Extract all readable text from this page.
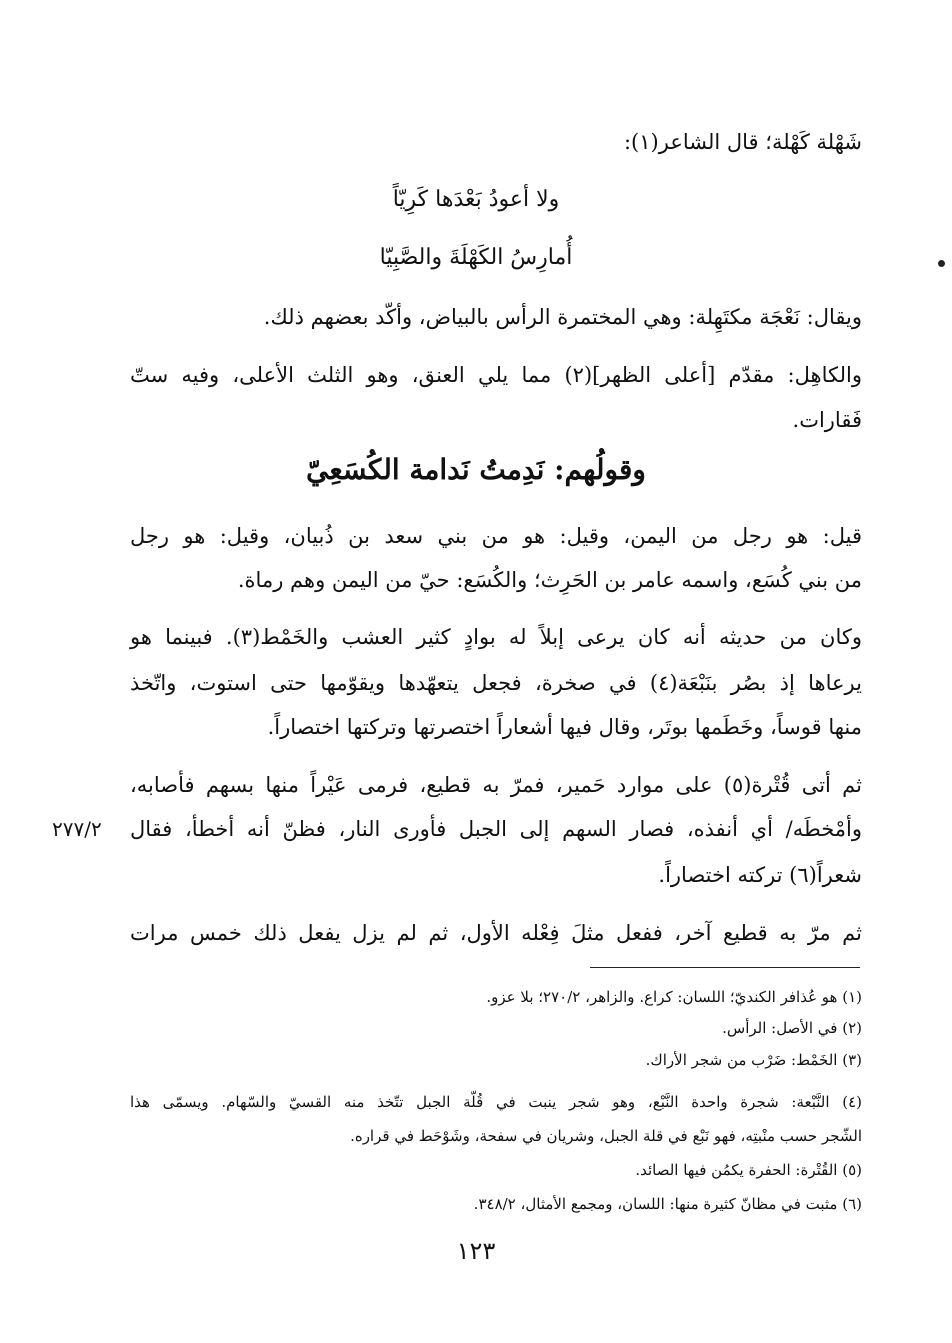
شَهْلة كَهْلة؛ قال الشاعر(١):
ولا أعودُ بَعْدَها كَرِيّاً
أُمارِسُ الكَهْلَةَ والصَّبِيّا
ويقال: نَعْجَة مكتَهِلة: وهي المختمرة الرأس بالبياض، وأكّد بعضهم ذلك.
والكاهِل: مقدّم [أعلى الظهر](٢) مما يلي العنق، وهو الثلث الأعلى، وفيه ستّ
فَقارات.
وقولُهم: نَدِمتُ نَدامة الكُسَعِيّ
قيل: هو رجل من اليمن، وقيل: هو من بني سعد بن ذُبيان، وقيل: هو رجل
من بني كُسَع، واسمه عامر بن الحَرِث؛ والكُسَع: حيّ من اليمن وهم رماة.
وكان من حديثه أنه كان يرعى إبلاً له بوادٍ كثير العشب والخَمْط(٣). فبينما هو
يرعاها إذ بصُر بنَبْعَة(٤) في صخرة، فجعل يتعهّدها ويقوّمها حتى استوت، واتّخذ
منها قوساً، وخَطَمها بوتَر، وقال فيها أشعاراً اختصرتها وتركتها اختصاراً.
ثم أتى قُتْرة(٥) على موارد حَمير، فمرّ به قطيع، فرمى عَيْراً منها بسهم فأصابه،
وأمْخطَه/ أي أنفذه، فصار السهم إلى الجبل فأورى النار، فظنّ أنه أخطأ، فقال
٢٧٧/٢
شعراً(٦) تركته اختصاراً.
ثم مرّ به قطيع آخر، ففعل مثلَ فِعْله الأول، ثم لم يزل يفعل ذلك خمس مرات
(١) هو عُذافر الكنديّ؛ اللسان: كراع. والزاهر، ٢٧٠/٢؛ بلا عزو.
(٢) في الأصل: الرأس.
(٣) الخَمْط: ضَرْب من شجر الأراك.
(٤) النَّبْعة: شجرة واحدة النَّبْع، وهو شجر ينبت في قُلّة الجبل تتّخذ منه القسيّ والسّهام. ويسمّى هذا
الشّجر حسب منْبتِه، فهو نَبْع في قلة الجبل، وشريان في سفحة، وشَوْحَط في قراره.
(٥) القُتْرة: الحفرة يكمُن فيها الصائد.
(٦) مثبت في مظانّ كثيرة منها: اللسان، ومجمع الأمثال، ٣٤٨/٢.
١٢٣
